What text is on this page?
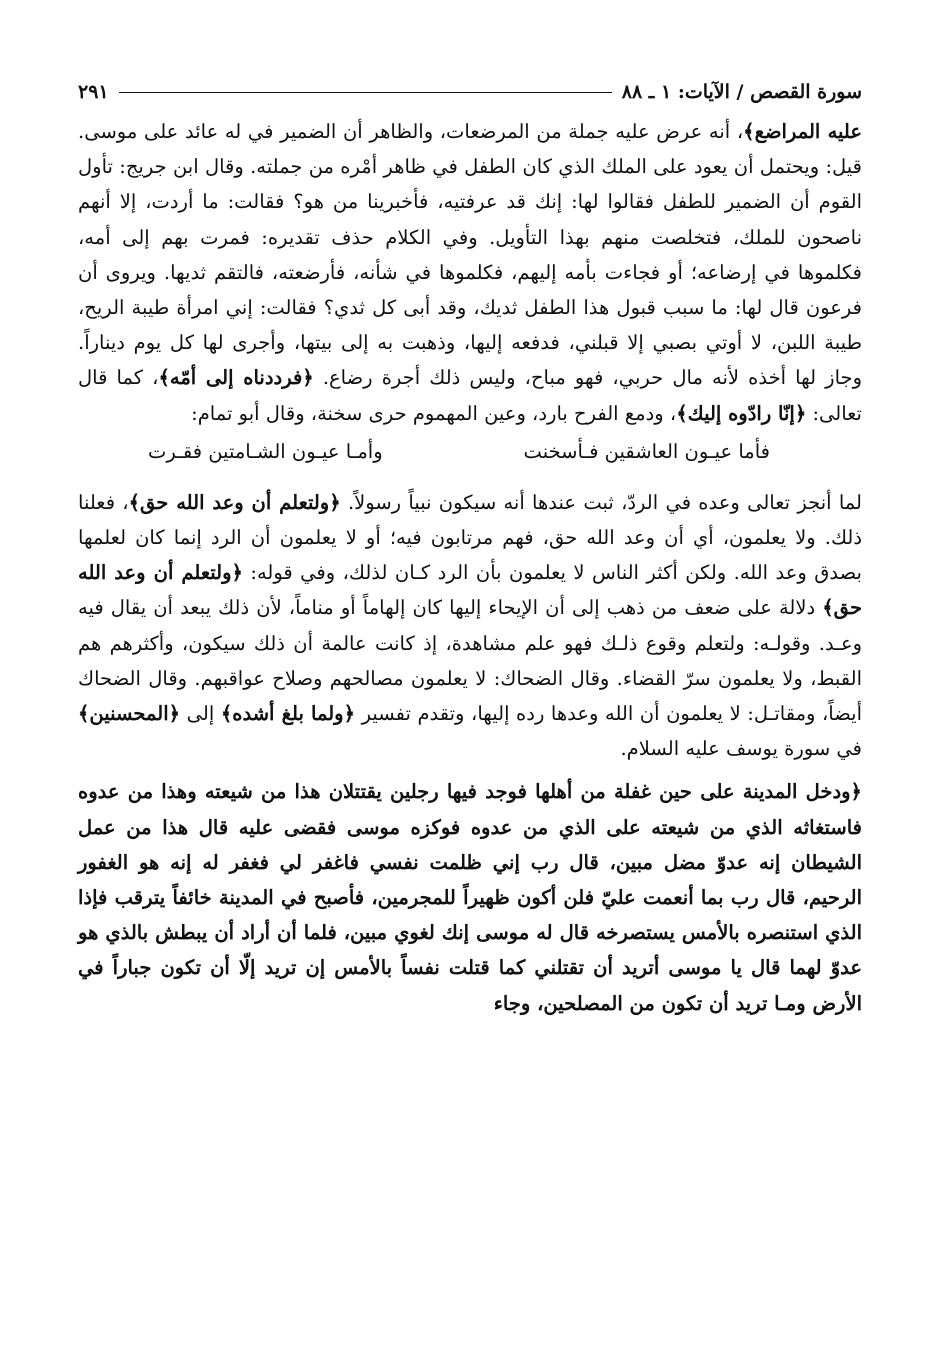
سورة القصص / الآيات: ١ ـ ٨٨
٢٩١

عليه المراضع﴾، أنه عرض عليه جملة من المرضعات، والظاهر أن الضمير في له عائد على موسى. قيل: ويحتمل أن يعود على الملك الذي كان الطفل في ظاهر أمْره من جملته. وقال ابن جريج: تأول القوم أن الضمير للطفل فقالوا لها: إنك قد عرفتيه، فأخبرينا من هو؟ فقالت: ما أردت، إلا أنهم ناصحون للملك، فتخلصت منهم بهذا التأويل. وفي الكلام حذف تقديره: فمرت بهم إلى أمه، فكلموها في إرضاعه؛ أو فجاءت بأمه إليهم، فكلموها في شأنه، فأرضعته، فالتقم ثديها. ويروى أن فرعون قال لها: ما سبب قبول هذا الطفل ثديك، وقد أبى كل ثدي؟ فقالت: إني امرأة طيبة الريح، طيبة اللبن، لا أوتي بصبي إلا قبلني، فدفعه إليها، وذهبت به إلى بيتها، وأجرى لها كل يوم ديناراً. وجاز لها أخذه لأنه مال حربي، فهو مباح، وليس ذلك أجرة رضاع. ﴿فرددناه إلى أمّه﴾، كما قال تعالى: ﴿إنّا رادّوه إليك﴾، ودمع الفرح بارد، وعين المهموم حرى سخنة، وقال أبو تمام:

فأما عيـون العاشقين فـأسخنت
وأمـا عيـون الشـامتين فقـرت

لما أنجز تعالى وعده في الردّ، ثبت عندها أنه سيكون نبياً رسولاً. ﴿ولتعلم أن وعد الله حق﴾، فعلنا ذلك. ولا يعلمون، أي أن وعد الله حق، فهم مرتابون فيه؛ أو لا يعلمون أن الرد إنما كان لعلمها بصدق وعد الله. ولكن أكثر الناس لا يعلمون بأن الرد كـان لذلك، وفي قوله: ﴿ولتعلم أن وعد الله حق﴾ دلالة على ضعف من ذهب إلى أن الإيحاء إليها كان إلهاماً أو مناماً، لأن ذلك يبعد أن يقال فيه وعـد. وقولـه: ولتعلم وقوع ذلـك فهو علم مشاهدة، إذ كانت عالمة أن ذلك سيكون، وأكثرهم هم القبط، ولا يعلمون سرّ القضاء. وقال الضحاك: لا يعلمون مصالحهم وصلاح عواقبهم. وقال الضحاك أيضاً، ومقاتـل: لا يعلمون أن الله وعدها رده إليها، وتقدم تفسير ﴿ولما بلغ أشده﴾ إلى ﴿المحسنين﴾ في سورة يوسف عليه السلام.

﴿ودخل المدينة على حين غفلة من أهلها فوجد فيها رجلين يقتتلان هذا من شيعته وهذا من عدوه فاستغاثه الذي من شيعته على الذي من عدوه فوكزه موسى فقضى عليه قال هذا من عمل الشيطان إنه عدوّ مضل مبين، قال رب إني ظلمت نفسي فاغفر لي فغفر له إنه هو الغفور الرحيم، قال رب بما أنعمت عليّ فلن أكون ظهيراً للمجرمين، فأصبح في المدينة خائفاً يترقب فإذا الذي استنصره بالأمس يستصرخه قال له موسى إنك لغوي مبين، فلما أن أراد أن يبطش بالذي هو عدوّ لهما قال يا موسى أتريد أن تقتلني كما قتلت نفساً بالأمس إن تريد إلّا أن تكون جباراً في الأرض ومـا تريد أن تكون من المصلحين، وجاء
